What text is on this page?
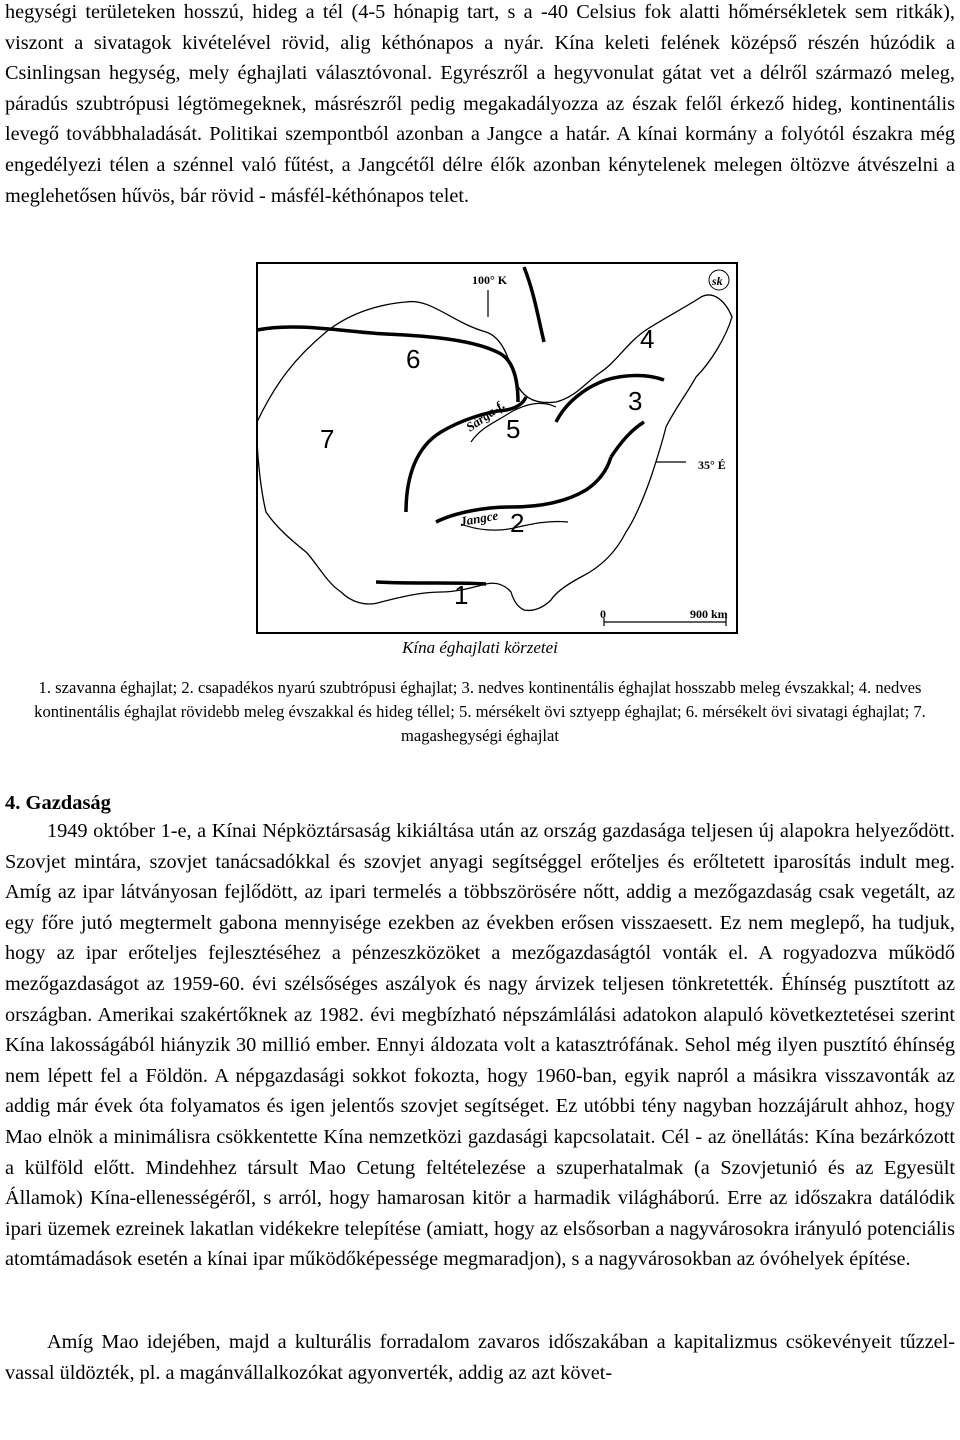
hegységi területeken hosszú, hideg a tél (4-5 hónapig tart, s a -40 Celsius fok alatti hőmérsékletek sem ritkák), viszont a sivatagok kivételével rövid, alig kéthónapos a nyár. Kína keleti felének középső részén húzódik a Csinlingsan hegység, mely éghajlati választóvonal. Egyrészről a hegyvonulat gátat vet a délről származó meleg, páradús szubtrópusi légtömegeknek, másrészről pedig megakadályozza az észak felől érkező hideg, kontinentális levegő továbbhaladását. Politikai szempontból azonban a Jangce a határ. A kínai kormány a folyótól északra még engedélyezi télen a szénnel való fűtést, a Jangcétől délre élők azonban kénytelenek melegen öltözve átvészelni a meglehetősen hűvös, bár rövid - másfél-kéthónapos telet.

100° K	sk
Sárga-f.
Jangce
35° É
1
2
3
4
5
6
7
0	900 km

Kína éghajlati körzetei

1. szavanna éghajlat; 2. csapadékos nyarú szubtrópusi éghajlat; 3. nedves kontinentális éghajlat hosszabb meleg évszakkal; 4. nedves kontinentális éghajlat rövidebb meleg évszakkal és hideg téllel; 5. mérsékelt övi sztyepp éghajlat; 6. mérsékelt övi sivatagi éghajlat; 7. magashegységi éghajlat

4. Gazdaság

1949 október 1-e, a Kínai Népköztársaság kikiáltása után az ország gazdasága teljesen új alapokra helyeződött. Szovjet mintára, szovjet tanácsadókkal és szovjet anyagi segítséggel erőteljes és erőltetett iparosítás indult meg. Amíg az ipar látványosan fejlődött, az ipari termelés a többszörösére nőtt, addig a mezőgazdaság csak vegetált, az egy főre jutó megtermelt gabona mennyisége ezekben az években erősen visszaesett. Ez nem meglepő, ha tudjuk, hogy az ipar erőteljes fejlesztéséhez a pénzeszközöket a mezőgazdaságtól vonták el. A rogyadozva működő mezőgazdaságot az 1959-60. évi szélsőséges aszályok és nagy árvizek teljesen tönkretették. Éhínség pusztított az országban. Amerikai szakértőknek az 1982. évi megbízható népszámlálási adatokon alapuló következtetései szerint Kína lakosságából hiányzik 30 millió ember. Ennyi áldozata volt a katasztrófának. Sehol még ilyen pusztító éhínség nem lépett fel a Földön. A népgazdasági sokkot fokozta, hogy 1960-ban, egyik napról a másikra visszavonták az addig már évek óta folyamatos és igen jelentős szovjet segítséget. Ez utóbbi tény nagyban hozzájárult ahhoz, hogy Mao elnök a minimálisra csökkentette Kína nemzetközi gazdasági kapcsolatait. Cél - az önellátás: Kína bezárkózott a külföld előtt. Mindehhez társult Mao Cetung feltételezése a szuperhatalmak (a Szovjetunió és az Egyesült Államok) Kína-ellenességéről, s arról, hogy hamarosan kitör a harmadik világháború. Erre az időszakra datálódik ipari üzemek ezreinek lakatlan vidékekre telepítése (amiatt, hogy az elsősorban a nagyvárosokra irányuló potenciális atomtámadások esetén a kínai ipar működőképessége megmaradjon), s a nagyvárosokban az óvóhelyek építése.

Amíg Mao idejében, majd a kulturális forradalom zavaros időszakában a kapitalizmus csökevényeit tűzzel-vassal üldözték, pl. a magánvállalkozókat agyonverték, addig az azt követ-
